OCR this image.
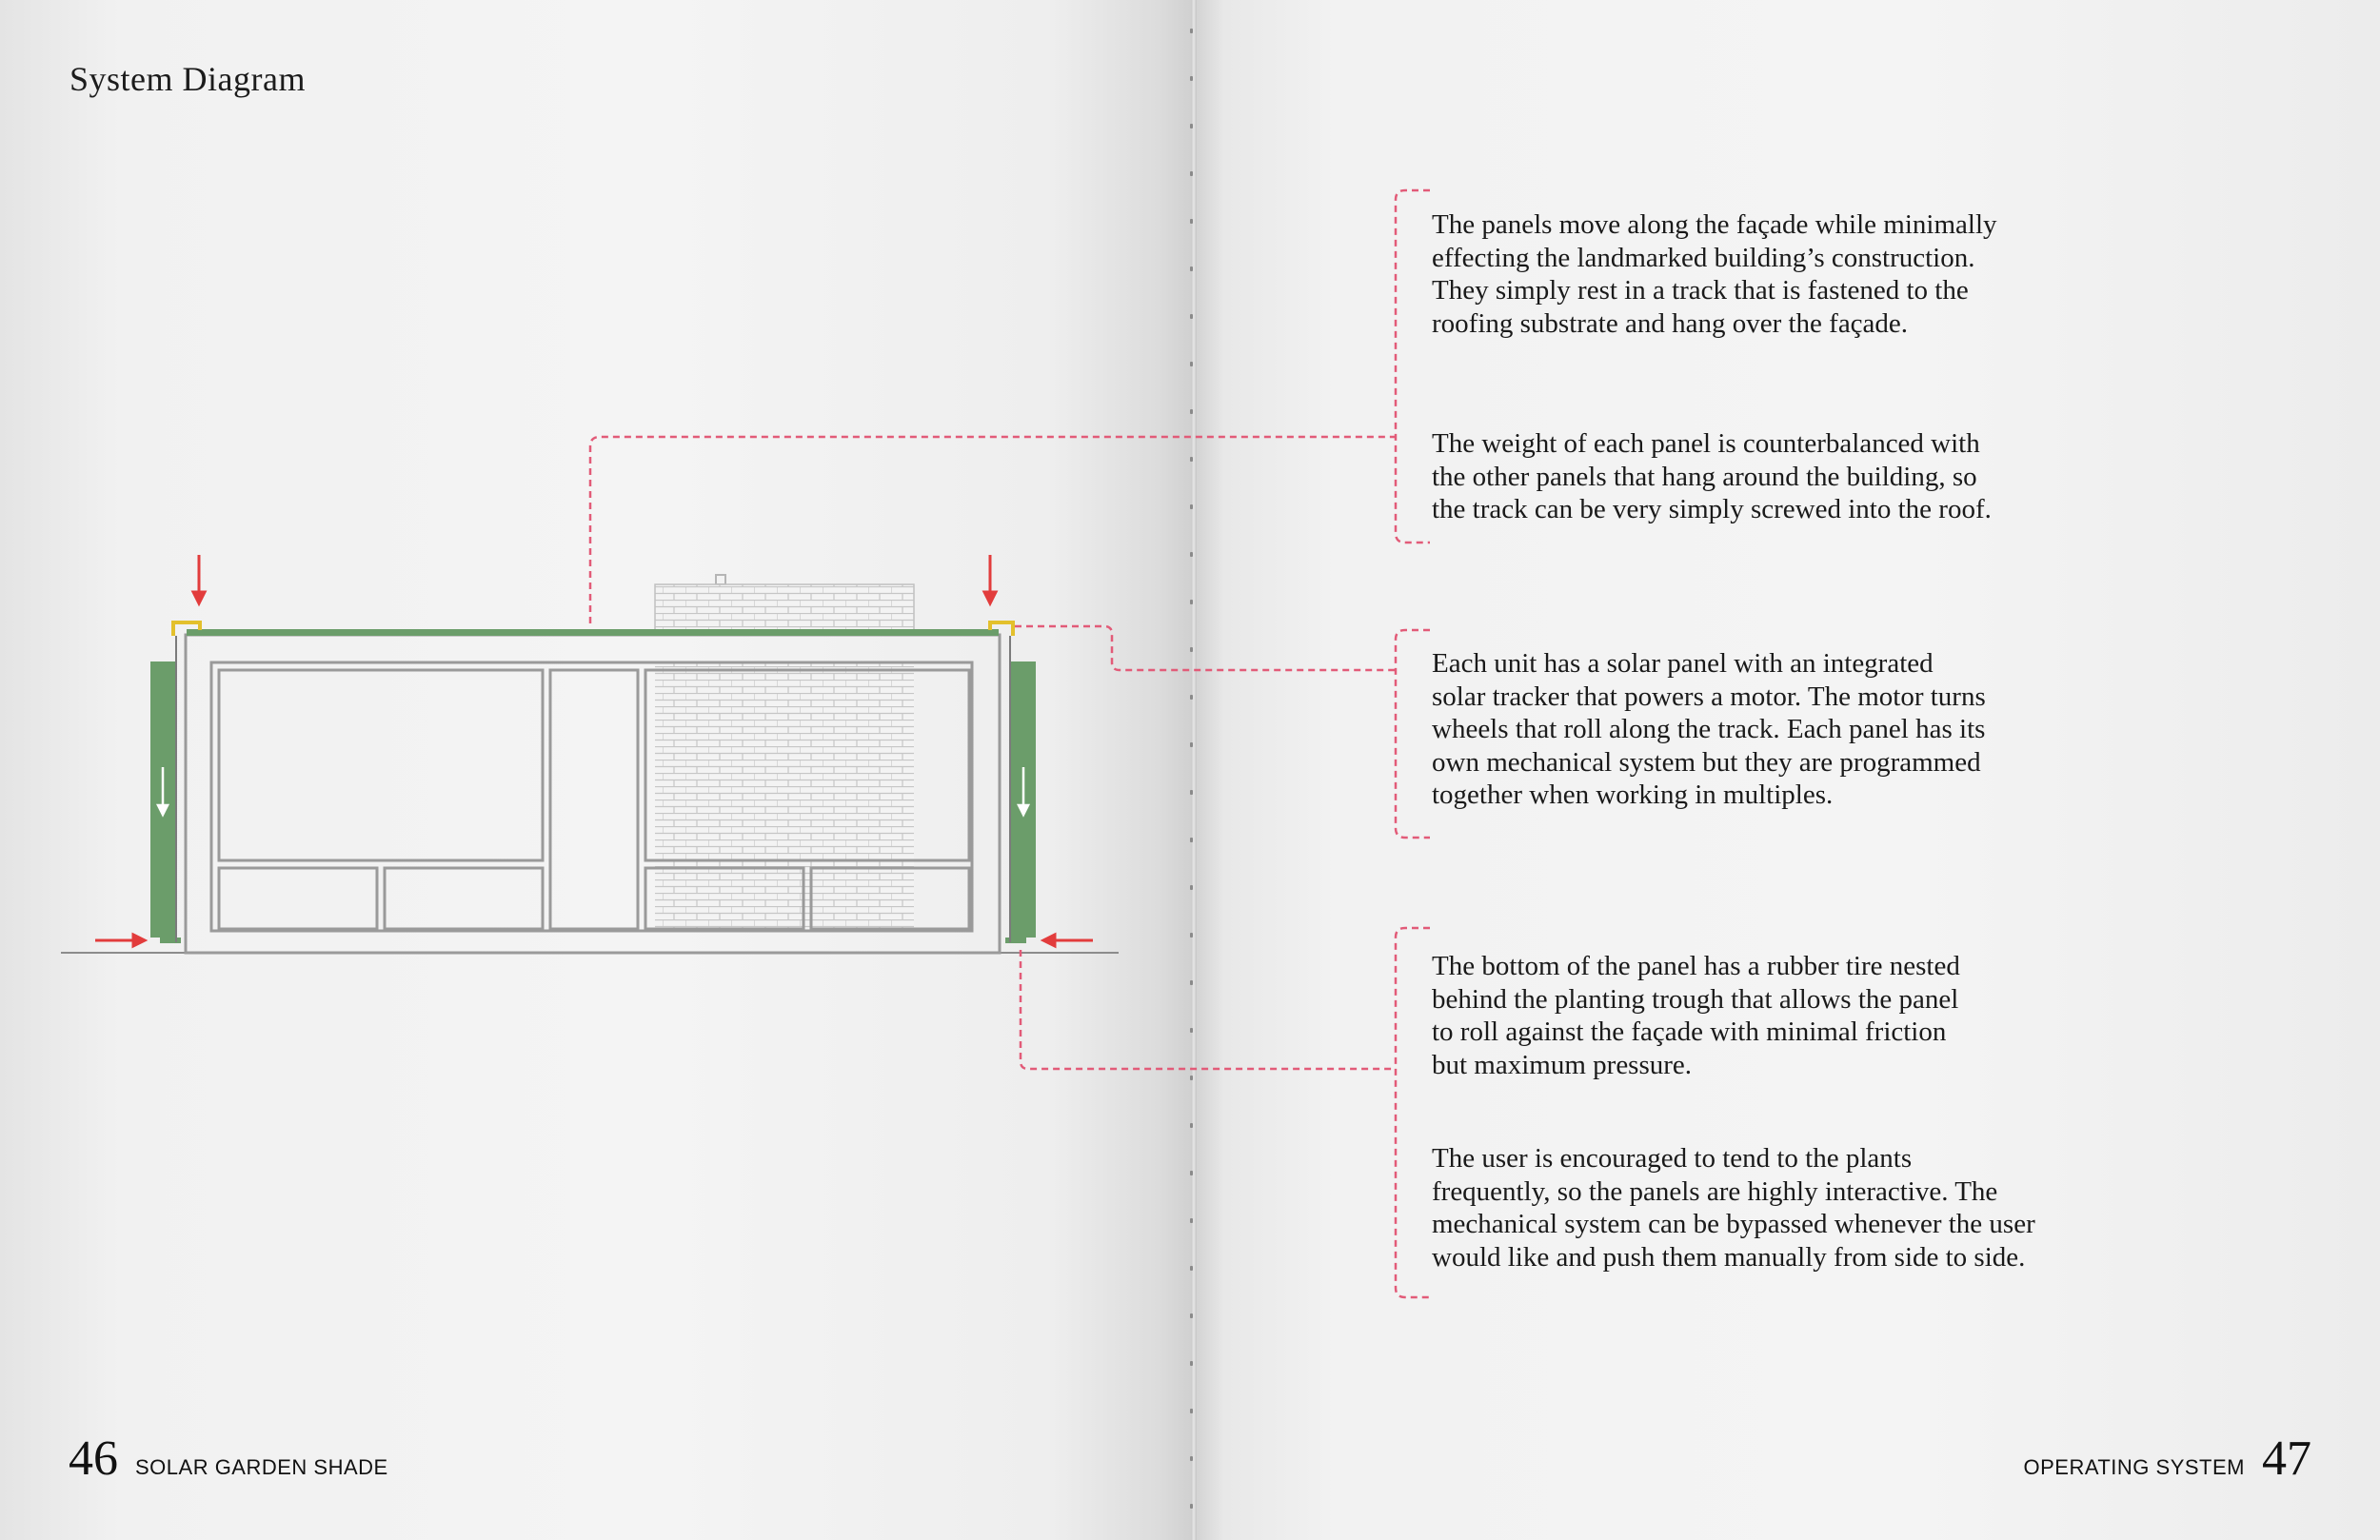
System Diagram
The panels move along the façade while minimally
effecting the landmarked building’s construction.
They simply rest in a track that is fastened to the
roofing substrate and hang over the façade.
The weight of each panel is counterbalanced with
the other panels that hang around the building, so
the track can be very simply screwed into the roof.
Each unit has a solar panel with an integrated
solar tracker that powers a motor. The motor turns
wheels that roll along the track. Each panel has its
own mechanical system but they are programmed
together when working in multiples.
The bottom of the panel has a rubber tire nested
behind the planting trough that allows the panel
to roll against the façade with minimal friction
but maximum pressure.
The user is encouraged to tend to the plants
frequently, so the panels are highly interactive. The
mechanical system can be bypassed whenever the user
would like and push them manually from side to side.
46 SOLAR GARDEN SHADE	OPERATING SYSTEM 47
